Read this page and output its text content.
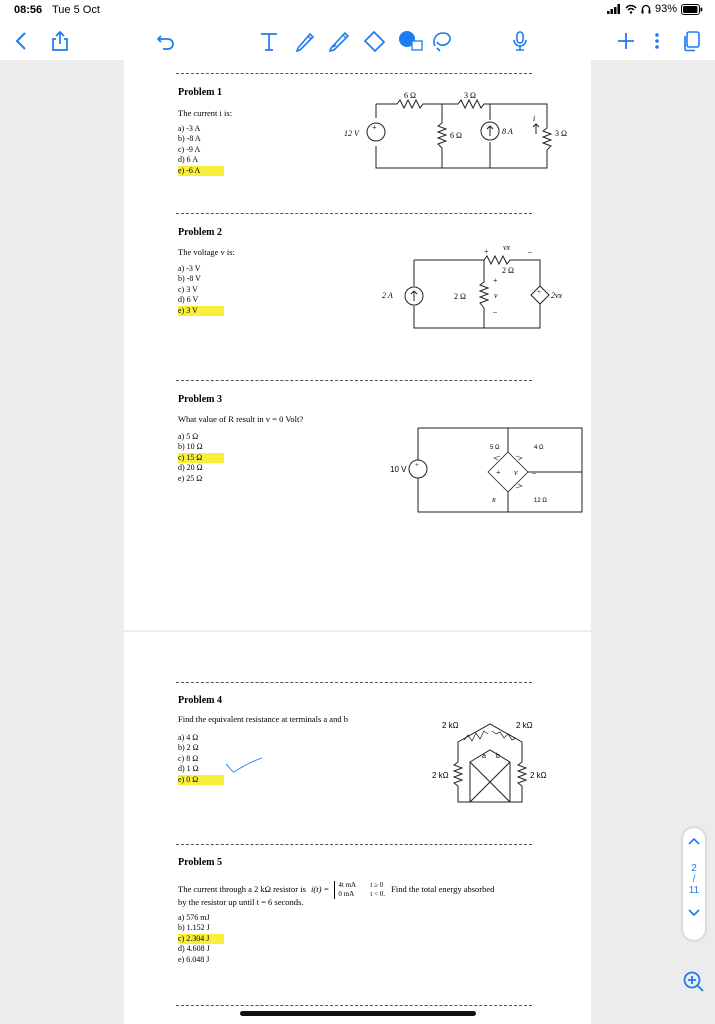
08:56 Tue 5 Oct	93%
Problem 1
The current i is:
a) -3 A
b) -8 A
c) -9 A
d) 6 A
e) -6 A
+
6 Ω	3 Ω
12 V	6 Ω	8 A	3 Ω
i
Problem 2
The voltage v is:
a) -3 V
b) -8 V
c) 3 V
d) 6 V
e) 3 V
+	–
vx
2 Ω
2 A	2 Ω
+
v
–
+ 2vx
Problem 3
What value of R result in v = 0 Volt?
a) 5 Ω
b) 10 Ω
c) 15 Ω
d) 20 Ω
e) 25 Ω
+
10 V
5 Ω	4 Ω
+ v –
R	12 Ω
Problem 4
Find the equivalent resistance at terminals a and b
a) 4 Ω
b) 2 Ω
c) 8 Ω
d) 1 Ω
e) 0 Ω
2 kΩ	2 kΩ
2 kΩ	2 kΩ
a b
Problem 5
The current through a 2 kΩ resistor is i(t) = 4t mA t ≥ 0
0 mA t < 0. Find the total energy absorbed
by the resistor up until t = 6 seconds.
a) 576 mJ
b) 1.152 J
c) 2.304 J
d) 4.608 J
e) 6.048 J
2
/
11
